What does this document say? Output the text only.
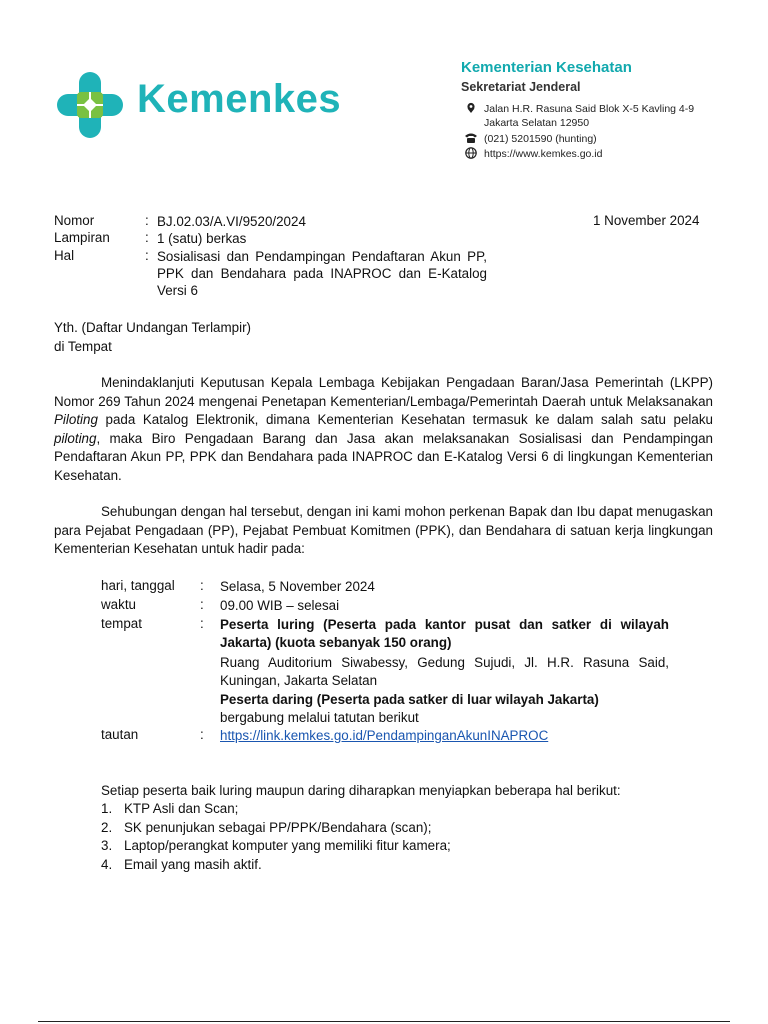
Kemenkes
Kementerian Kesehatan
Sekretariat Jenderal
Jalan H.R. Rasuna Said Blok X-5 Kavling 4-9
Jakarta Selatan 12950
(021) 5201590 (hunting)
https://www.kemkes.go.id
Nomor	: BJ.02.03/A.VI/9520/2024
Lampiran	: 1 (satu) berkas
Hal	: Sosialisasi dan Pendampingan Pendaftaran Akun PP, PPK dan Bendahara pada INAPROC dan E-Katalog Versi 6
1 November 2024
Yth. (Daftar Undangan Terlampir)
di Tempat

Menindaklanjuti Keputusan Kepala Lembaga Kebijakan Pengadaan Baran/Jasa Pemerintah (LKPP) Nomor 269 Tahun 2024 mengenai Penetapan Kementerian/Lembaga/Pemerintah Daerah untuk Melaksanakan Piloting pada Katalog Elektronik, dimana Kementerian Kesehatan termasuk ke dalam salah satu pelaku piloting, maka Biro Pengadaan Barang dan Jasa akan melaksanakan Sosialisasi dan Pendampingan Pendaftaran Akun PP, PPK dan Bendahara pada INAPROC dan E-Katalog Versi 6 di lingkungan Kementerian Kesehatan.

Sehubungan dengan hal tersebut, dengan ini kami mohon perkenan Bapak dan Ibu dapat menugaskan para Pejabat Pengadaan (PP), Pejabat Pembuat Komitmen (PPK), dan Bendahara di satuan kerja lingkungan Kementerian Kesehatan untuk hadir pada:

hari, tanggal : Selasa, 5 November 2024
waktu	: 09.00 WIB – selesai
tempat	: Peserta luring (Peserta pada kantor pusat dan satker di wilayah Jakarta) (kuota sebanyak 150 orang)
Ruang Auditorium Siwabessy, Gedung Sujudi, Jl. H.R. Rasuna Said, Kuningan, Jakarta Selatan
Peserta daring (Peserta pada satker di luar wilayah Jakarta)
bergabung melalui tatutan berikut
tautan	: https://link.kemkes.go.id/PendampinganAkunINAPROC
Setiap peserta baik luring maupun daring diharapkan menyiapkan beberapa hal berikut:
1. KTP Asli dan Scan;
2. SK penunjukan sebagai PP/PPK/Bendahara (scan);
3. Laptop/perangkat komputer yang memiliki fitur kamera;
4. Email yang masih aktif.
